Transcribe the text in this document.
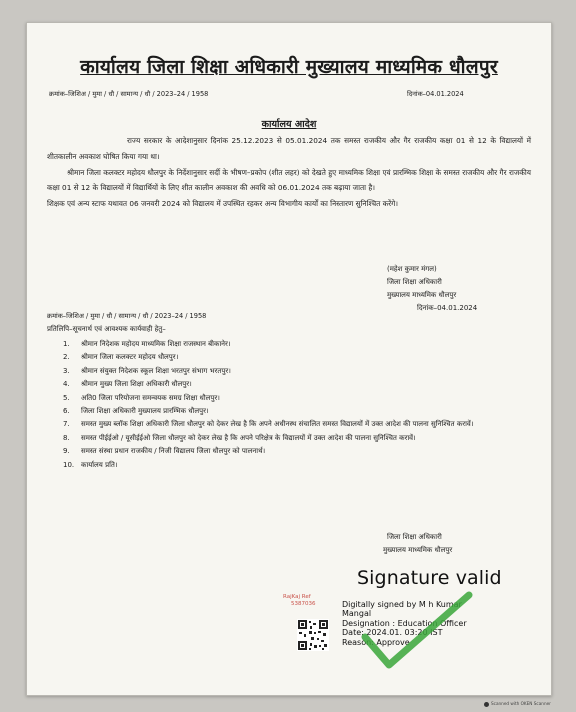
कार्यालय जिला शिक्षा अधिकारी मुख्यालय माध्यमिक धौलपुर
क्रमांक–जिशिअ / मुमा / धौ / सामान्य / धौ / 2023–24 / 1958	दिनांक–04.01.2024
कार्यालय आदेश

राज्य सरकार के आदेशानुसार दिनांक 25.12.2023 से 05.01.2024 तक समस्त राजकीय और गैर राजकीय कक्षा 01 से 12 के विद्यालयों में शीतकालीन अवकाश घोषित किया गया था।

श्रीमान जिला कलक्टर महोदय धौलपुर के निर्देशानुसार सर्दी के भीषण–प्रकोप (शीत लहर) को देखते हुए माध्यमिक शिक्षा एवं प्रारम्भिक शिक्षा के समस्त राजकीय और गैर राजकीय कक्षा 01 से 12 के विद्यालयों में विद्यार्थियों के लिए शीत कालीन अवकाश की अवधि को 06.01.2024 तक बढ़ाया जाता है।

शिक्षक एवं अन्य स्टाफ यथावत 06 जनवरी 2024 को विद्यालय में उपस्थित रहकर अन्य विभागीय कार्यों का निस्तारण सुनिश्चित करेंगे।

(महेश कुमार मंगल)
जिला शिक्षा अधिकारी
मुख्यालय माध्यमिक धौलपुर
दिनांक–04.01.2024
क्रमांक–जिशिअ / मुमा / धौ / सामान्य / धौ / 2023–24 / 1958
प्रतिलिपि–सूचनार्थ एवं आवश्यक कार्यवाही हेतु–
1.	श्रीमान निदेशक महोदय माध्यमिक शिक्षा राजस्थान बीकानेर।
2.	श्रीमान जिला कलक्टर महोदय धौलपुर।
3.	श्रीमान संयुक्त निदेशक स्कूल शिक्षा भरतपुर संभाग भरतपुर।
4.	श्रीमान मुख्य जिला शिक्षा अधिकारी धौलपुर।
5.	अति0 जिला परियोजना समन्वयक समग्र शिक्षा धौलपुर।
6.	जिला शिक्षा अधिकारी मुख्यालय प्रारम्भिक धौलपुर।
7.	समस्त मुख्य ब्लॉक शिक्षा अधिकारी जिला धौलपुर को देकर लेख है कि अपने अधीनस्थ संचालित समस्त विद्यालयों में उक्त आदेश की पालना सुनिश्चित करावें।
8.	समस्त पीईईओ / यूसीईईओ जिला धौलपुर को देकर लेख है कि अपने परिक्षेत्र के विद्यालयों में उक्त आदेश की पालना सुनिश्चित करावें।
9.	समस्त संस्था प्रधान राजकीय / निजी विद्यालय जिला धौलपुर को पालनार्थ।
10. कार्यालय प्रति।
जिला शिक्षा अधिकारी
मुख्यालय माध्यमिक धौलपुर
RajKaj Ref
5387036
Signature valid
Digitally signed by M h Kumar
Mangal
Designation : Education Officer
Date: 2024.01. 03:20 IST
Reason: Approve
Scanned with OKEN Scanner
